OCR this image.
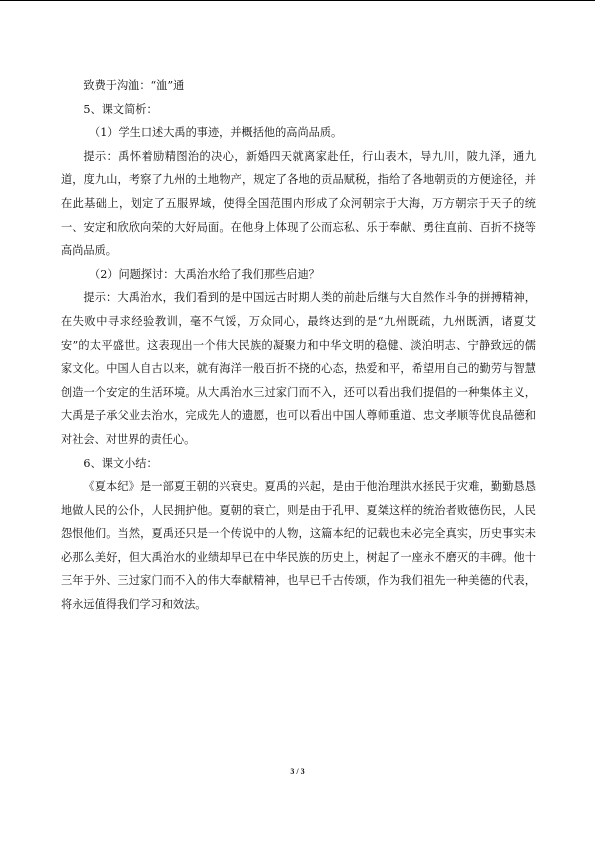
致费于沟洫：“洫”通

5、课文简析：

（1）学生口述大禹的事迹，并概括他的高尚品质。

提示：禹怀着励精图治的决心，新婚四天就离家赴任，行山表木，导九川，陂九泽，通九道，度九山，考察了九州的土地物产，规定了各地的贡品赋税，指给了各地朝贡的方便途径，并在此基础上，划定了五服界域，使得全国范围内形成了众河朝宗于大海，万方朝宗于天子的统一、安定和欣欣向荣的大好局面。在他身上体现了公而忘私、乐于奉献、勇往直前、百折不挠等高尚品质。

（2）问题探讨：大禹治水给了我们那些启迪？

提示：大禹治水，我们看到的是中国远古时期人类的前赴后继与大自然作斗争的拼搏精神，在失败中寻求经验教训，毫不气馁，万众同心，最终达到的是“九州既疏，九州既洒，诸夏艾安”的太平盛世。这表现出一个伟大民族的凝聚力和中华文明的稳健、淡泊明志、宁静致远的儒家文化。中国人自古以来，就有海洋一般百折不挠的心态，热爱和平，希望用自己的勤劳与智慧创造一个安定的生活环境。从大禹治水三过家门而不入，还可以看出我们提倡的一种集体主义，大禹是子承父业去治水，完成先人的遗愿，也可以看出中国人尊师重道、忠文孝顺等优良品德和对社会、对世界的责任心。

6、课文小结：

《夏本纪》是一部夏王朝的兴衰史。夏禹的兴起，是由于他治理洪水拯民于灾难，勤勤恳恳地做人民的公仆，人民拥护他。夏朝的衰亡，则是由于孔甲、夏桀这样的统治者败德伤民，人民怨恨他们。当然，夏禹还只是一个传说中的人物，这篇本纪的记载也未必完全真实，历史事实未必那么美好，但大禹治水的业绩却早已在中华民族的历史上，树起了一座永不磨灭的丰碑。他十三年于外、三过家门而不入的伟大奉献精神，也早已千古传颂，作为我们祖先一种美德的代表，将永远值得我们学习和效法。

3 / 3
